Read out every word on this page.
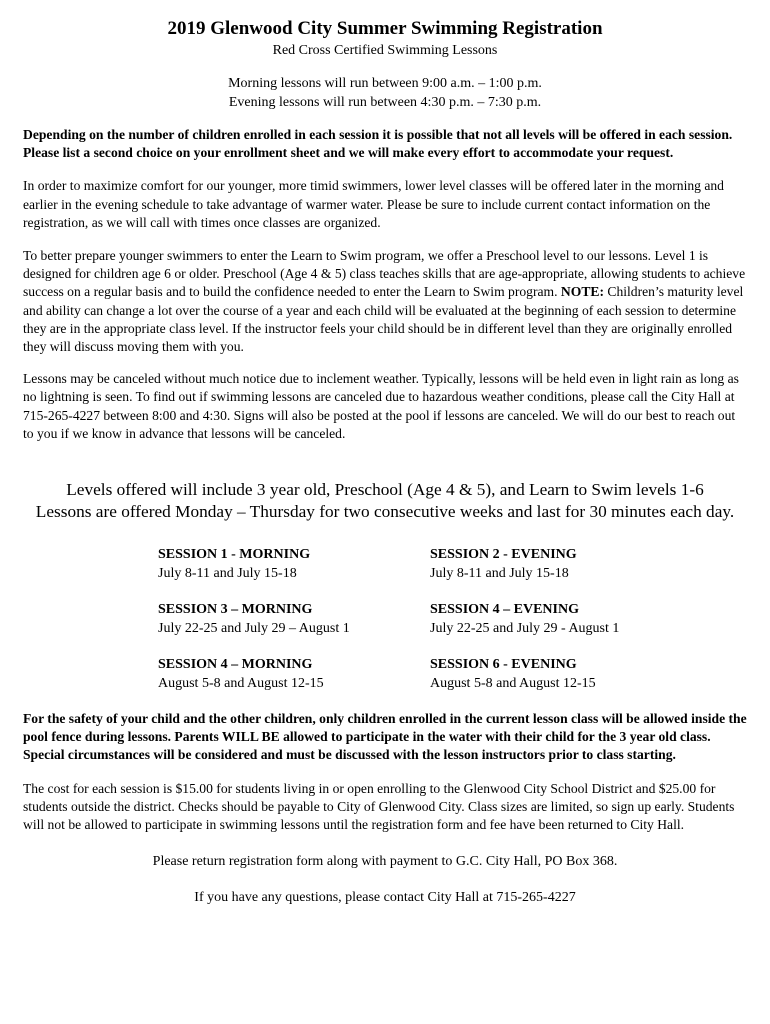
2019 Glenwood City Summer Swimming Registration
Red Cross Certified Swimming Lessons
Morning lessons will run between 9:00 a.m. – 1:00 p.m.
Evening lessons will run between 4:30 p.m. – 7:30 p.m.

Depending on the number of children enrolled in each session it is possible that not all levels will be offered in each session. Please list a second choice on your enrollment sheet and we will make every effort to accommodate your request.

In order to maximize comfort for our younger, more timid swimmers, lower level classes will be offered later in the morning and earlier in the evening schedule to take advantage of warmer water. Please be sure to include current contact information on the registration, as we will call with times once classes are organized.

To better prepare younger swimmers to enter the Learn to Swim program, we offer a Preschool level to our lessons. Level 1 is designed for children age 6 or older. Preschool (Age 4 & 5) class teaches skills that are age-appropriate, allowing students to achieve success on a regular basis and to build the confidence needed to enter the Learn to Swim program. NOTE: Children’s maturity level and ability can change a lot over the course of a year and each child will be evaluated at the beginning of each session to determine they are in the appropriate class level. If the instructor feels your child should be in different level than they are originally enrolled they will discuss moving them with you.

Lessons may be canceled without much notice due to inclement weather. Typically, lessons will be held even in light rain as long as no lightning is seen. To find out if swimming lessons are canceled due to hazardous weather conditions, please call the City Hall at 715-265-4227 between 8:00 and 4:30. Signs will also be posted at the pool if lessons are canceled. We will do our best to reach out to you if we know in advance that lessons will be canceled.

Levels offered will include 3 year old, Preschool (Age 4 & 5), and Learn to Swim levels 1-6
Lessons are offered Monday – Thursday for two consecutive weeks and last for 30 minutes each day.
SESSION 1 - MORNING
July 8-11 and July 15-18
SESSION 2 - EVENING
July 8-11 and July 15-18
SESSION 3 – MORNING
July 22-25 and July 29 – August 1
SESSION 4 – EVENING
July 22-25 and July 29 - August 1
SESSION 4 – MORNING
August 5-8 and August 12-15
SESSION 6 - EVENING
August 5-8 and August 12-15

For the safety of your child and the other children, only children enrolled in the current lesson class will be allowed inside the pool fence during lessons. Parents WILL BE allowed to participate in the water with their child for the 3 year old class. Special circumstances will be considered and must be discussed with the lesson instructors prior to class starting.

The cost for each session is $15.00 for students living in or open enrolling to the Glenwood City School District and $25.00 for students outside the district. Checks should be payable to City of Glenwood City. Class sizes are limited, so sign up early. Students will not be allowed to participate in swimming lessons until the registration form and fee have been returned to City Hall.

Please return registration form along with payment to G.C. City Hall, PO Box 368.
If you have any questions, please contact City Hall at 715-265-4227
